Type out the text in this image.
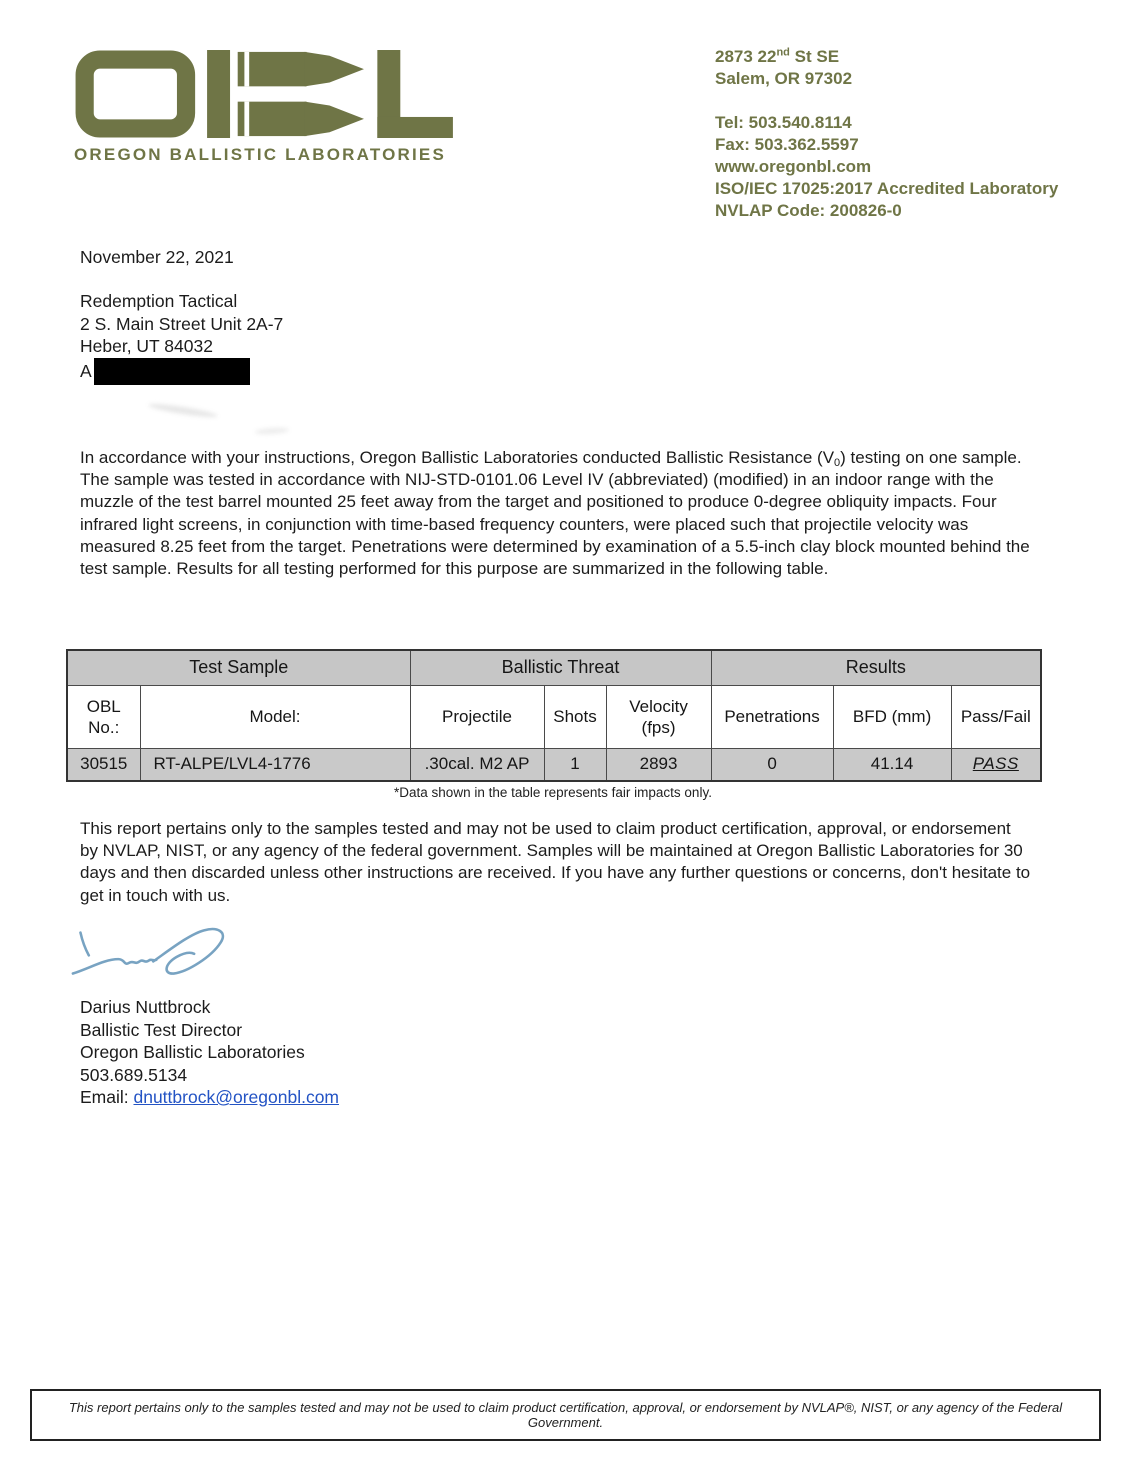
OREGON BALLISTIC LABORATORIES
2873 22nd St SE
Salem, OR 97302
Tel: 503.540.8114
Fax: 503.362.5597
www.oregonbl.com
ISO/IEC 17025:2017 Accredited Laboratory
NVLAP Code: 200826-0
November 22, 2021
Redemption Tactical
2 S. Main Street Unit 2A-7
Heber, UT 84032
A

In accordance with your instructions, Oregon Ballistic Laboratories conducted Ballistic Resistance $(V_0)$ testing on one sample.

The sample was tested in accordance with NIJ-STD-0101.06 Level IV (abbreviated) (modified) in an indoor range with the muzzle of the test barrel mounted 25 feet away from the target and positioned to produce 0-degree obliquity impacts. Four infrared light screens, in conjunction with time-based frequency counters, were placed such that projectile velocity was measured 8.25 feet from the target. Penetrations were determined by examination of a 5.5-inch clay block mounted behind the test sample. Results for all testing performed for this purpose are summarized in the following table.

Test Sample		Ballistic Threat			Results		
OBL No.:	Model:	Projectile	Shots	Velocity (fps)	Penetrations	BFD (mm)	Pass/Fail
30515	RT-ALPE/LVL4-1776	.30cal. M2 AP	1	2893	0	41.14	PASS
*Data shown in the table represents fair impacts only.
This report pertains only to the samples tested and may not be used to claim product certification, approval, or endorsement by NVLAP, NIST, or any agency of the federal government. Samples will be maintained at Oregon Ballistic Laboratories for 30 days and then discarded unless other instructions are received. If you have any further questions or concerns, don't hesitate to get in touch with us.
Darius Nuttbrock
Ballistic Test Director
Oregon Ballistic Laboratories
503.689.5134
Email: dnuttbrock@oregonbl.com
This report pertains only to the samples tested and may not be used to claim product certification, approval, or endorsement by NVLAP®, NIST, or any agency of the Federal Government.
